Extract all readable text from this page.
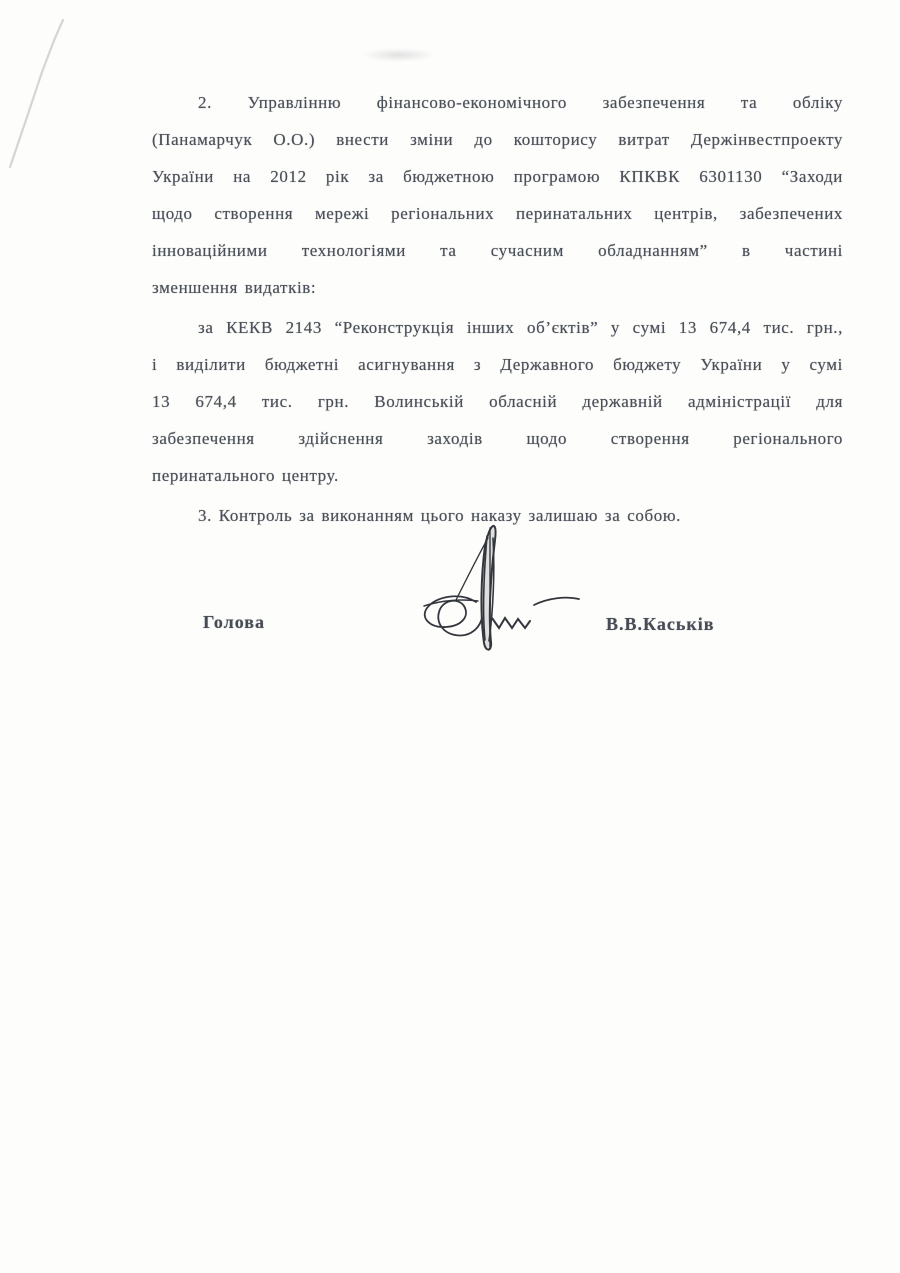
2. Управлінню фінансово-економічного забезпечення та обліку
(Панамарчук О.О.) внести зміни до кошторису витрат Держінвестпроекту
України на 2012 рік за бюджетною програмою КПКВК 6301130 “Заходи
щодо створення мережі регіональних перинатальних центрів, забезпечених
інноваційними технологіями та сучасним обладнанням” в частині
зменшення видатків:
за КЕКВ 2143 “Реконструкція інших об’єктів” у сумі 13 674,4 тис. грн.,
і виділити бюджетні асигнування з Державного бюджету України у сумі
13 674,4 тис. грн. Волинській обласній державній адміністрації для
забезпечення здійснення заходів щодо створення регіонального
перинатального центру.
3. Контроль за виконанням цього наказу залишаю за собою.
Голова	В.В.Каськів
